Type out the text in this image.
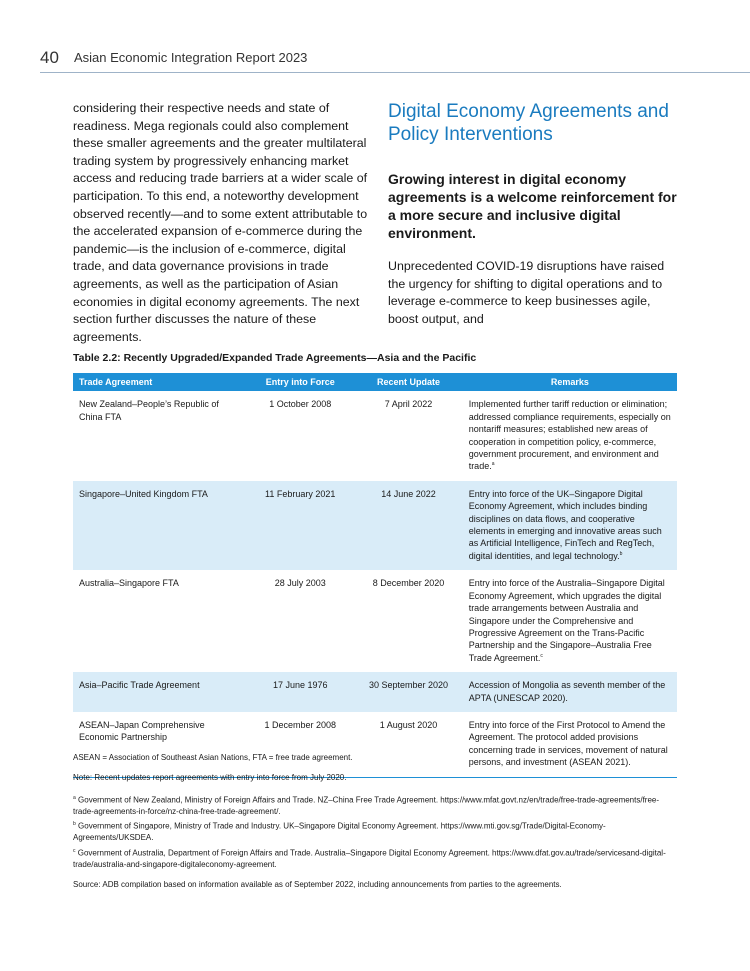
40 Asian Economic Integration Report 2023

considering their respective needs and state of readiness. Mega regionals could also complement these smaller agreements and the greater multilateral trading system by progressively enhancing market access and reducing trade barriers at a wider scale of participation. To this end, a noteworthy development observed recently—and to some extent attributable to the accelerated expansion of e-commerce during the pandemic—is the inclusion of e-commerce, digital trade, and data governance provisions in trade agreements, as well as the participation of Asian economies in digital economy agreements. The next section further discusses the nature of these agreements.

Digital Economy Agreements and Policy Interventions

Growing interest in digital economy agreements is a welcome reinforcement for a more secure and inclusive digital environment.

Unprecedented COVID-19 disruptions have raised the urgency for shifting to digital operations and to leverage e-commerce to keep businesses agile, boost output, and

Table 2.2: Recently Upgraded/Expanded Trade Agreements—Asia and the Pacific
Trade Agreement	Entry into Force	Recent Update	Remarks
New Zealand–People’s Republic of China FTA	1 October 2008	7 April 2022	Implemented further tariff reduction or elimination; addressed compliance requirements, especially on nontariff measures; established new areas of cooperation in competition policy, e-commerce, government procurement, and environment and trade.$^a$
Singapore–United Kingdom FTA	11 February 2021	14 June 2022	Entry into force of the UK–Singapore Digital Economy Agreement, which includes binding disciplines on data flows, and cooperative elements in emerging and innovative areas such as Artificial Intelligence, FinTech and RegTech, digital identities, and legal technology.$^b$
Australia–Singapore FTA	28 July 2003	8 December 2020	Entry into force of the Australia–Singapore Digital Economy Agreement, which upgrades the digital trade arrangements between Australia and Singapore under the Comprehensive and Progressive Agreement on the Trans-Pacific Partnership and the Singapore–Australia Free Trade Agreement.$^c$
Asia–Pacific Trade Agreement	17 June 1976	30 September 2020	Accession of Mongolia as seventh member of the APTA (UNESCAP 2020).
ASEAN–Japan Comprehensive Economic Partnership	1 December 2008	1 August 2020	Entry into force of the First Protocol to Amend the Agreement. The protocol added provisions concerning trade in services, movement of natural persons, and investment (ASEAN 2021).

ASEAN = Association of Southeast Asian Nations, FTA = free trade agreement.

Note: Recent updates report agreements with entry into force from July 2020.

$^a$ Government of New Zealand, Ministry of Foreign Affairs and Trade. NZ–China Free Trade Agreement. https://www.mfat.govt.nz/en/trade/free-trade-agreements/free-trade-agreements-in-force/nz-china-free-trade-agreement/.

$^b$ Government of Singapore, Ministry of Trade and Industry. UK–Singapore Digital Economy Agreement. https://www.mti.gov.sg/Trade/Digital-Economy-Agreements/UKSDEA.

$^c$ Government of Australia, Department of Foreign Affairs and Trade. Australia–Singapore Digital Economy Agreement. https://www.dfat.gov.au/trade/servicesand-digital-trade/australia-and-singapore-digitaleconomy-agreement.

Source: ADB compilation based on information available as of September 2022, including announcements from parties to the agreements.
